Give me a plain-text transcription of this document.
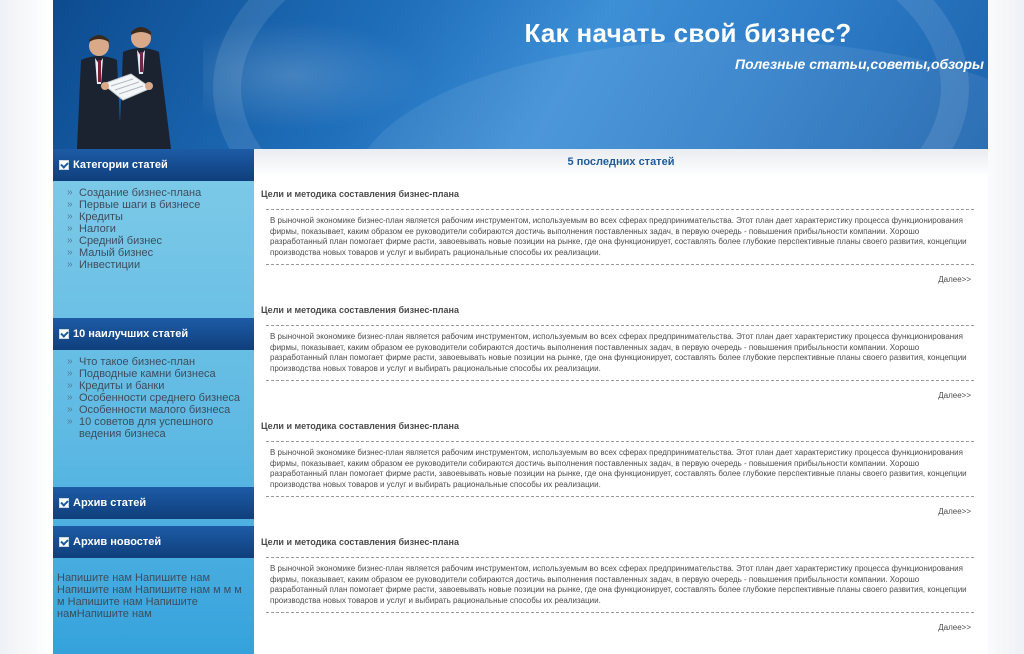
Как начать свой бизнес?
Полезные статьи,советы,обзоры
Категории статей
» Создание бизнес-плана
» Первые шаги в бизнесе
» Кредиты
» Налоги
» Средний бизнес
» Малый бизнес
» Инвестиции
10 наилучших статей
» Что такое бизнес-план
» Подводные камни бизнеса
» Кредиты и банки
» Особенности среднего бизнеса
» Особенности малого бизнеса
» 10 советов для успешного ведения бизнеса
Архив статей
Архив новостей
Напишите нам Напишите нам Напишите нам Напишите нам м м м м Напишите нам Напишите намНапишите нам
5 последних статей
Цели и методика составления бизнес-плана
В рыночной экономике бизнес-план является рабочим инструментом, используемым во всех сферах предпринимательства. Этот план дает характеристику процесса функционирования фирмы, показывает, каким образом ее руководители собираются достичь выполнения поставленных задач, в первую очередь - повышения прибыльности компании. Хорошо разработанный план помогает фирме расти, завоевывать новые позиции на рынке, где она функционирует, составлять более глубокие перспективные планы своего развития, концепции производства новых товаров и услуг и выбирать рациональные способы их реализации.
Далее>>
Цели и методика составления бизнес-плана
В рыночной экономике бизнес-план является рабочим инструментом, используемым во всех сферах предпринимательства. Этот план дает характеристику процесса функционирования фирмы, показывает, каким образом ее руководители собираются достичь выполнения поставленных задач, в первую очередь - повышения прибыльности компании. Хорошо разработанный план помогает фирме расти, завоевывать новые позиции на рынке, где она функционирует, составлять более глубокие перспективные планы своего развития, концепции производства новых товаров и услуг и выбирать рациональные способы их реализации.
Далее>>
Цели и методика составления бизнес-плана
В рыночной экономике бизнес-план является рабочим инструментом, используемым во всех сферах предпринимательства. Этот план дает характеристику процесса функционирования фирмы, показывает, каким образом ее руководители собираются достичь выполнения поставленных задач, в первую очередь - повышения прибыльности компании. Хорошо разработанный план помогает фирме расти, завоевывать новые позиции на рынке, где она функционирует, составлять более глубокие перспективные планы своего развития, концепции производства новых товаров и услуг и выбирать рациональные способы их реализации.
Далее>>
Цели и методика составления бизнес-плана
В рыночной экономике бизнес-план является рабочим инструментом, используемым во всех сферах предпринимательства. Этот план дает характеристику процесса функционирования фирмы, показывает, каким образом ее руководители собираются достичь выполнения поставленных задач, в первую очередь - повышения прибыльности компании. Хорошо разработанный план помогает фирме расти, завоевывать новые позиции на рынке, где она функционирует, составлять более глубокие перспективные планы своего развития, концепции производства новых товаров и услуг и выбирать рациональные способы их реализации.
Далее>>
